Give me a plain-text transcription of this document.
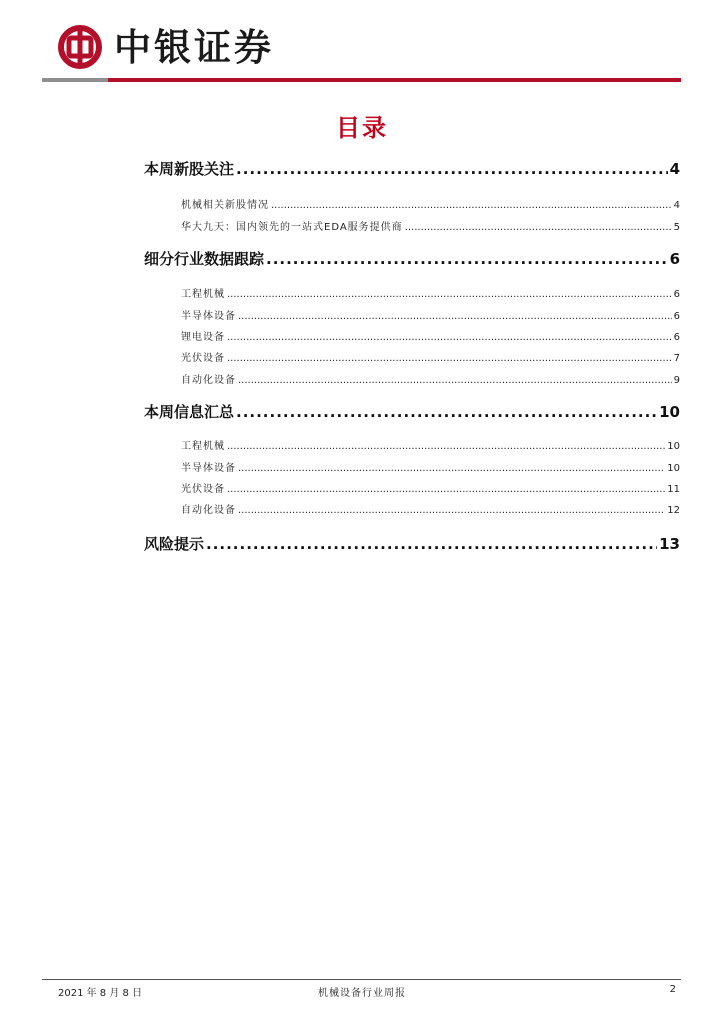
中银证券
目录
本周新股关注 .....	4
机械相关新股情况 .....	4
华大九天：国内领先的一站式EDA服务提供商 .....	5
细分行业数据跟踪 .....	6
工程机械 .....	6
半导体设备 .....	6
锂电设备 .....	6
光伏设备 .....	7
自动化设备 .....	9
本周信息汇总 .....	10
工程机械 .....	10
半导体设备 .....	10
光伏设备 .....	11
自动化设备 .....	12
风险提示 .....	13
2021 年 8 月 8 日	机械设备行业周报	2
